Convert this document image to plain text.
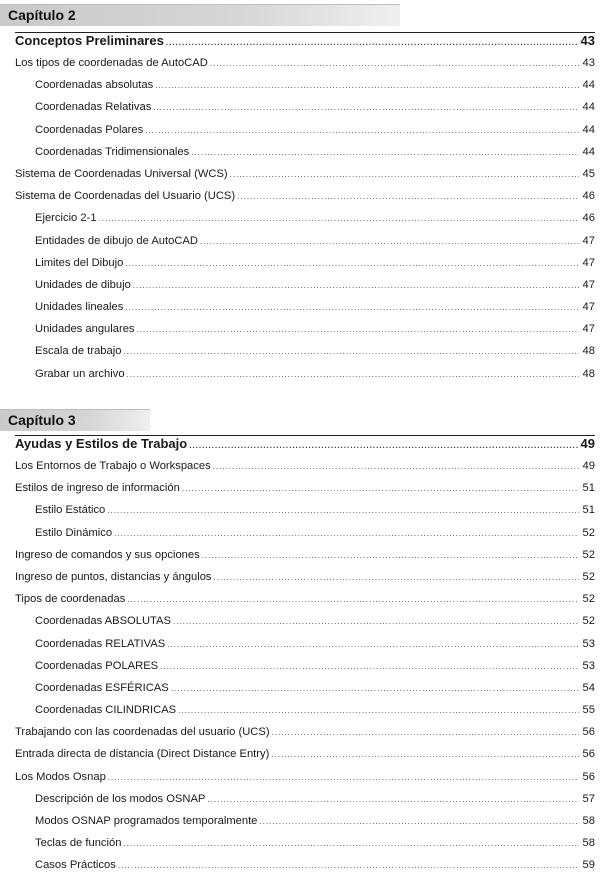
Capítulo 2
Conceptos Preliminares .....	43
Los tipos de coordenadas de AutoCAD .....	43
Coordenadas absolutas .....	44
Coordenadas Relativas .....	44
Coordenadas Polares .....	44
Coordenadas Tridimensionales .....	44
Sistema de Coordenadas Universal (WCS) .....	45
Sistema de Coordenadas del Usuario (UCS) .....	46
Ejercicio 2-1 .....	46
Entidades de dibujo de AutoCAD .....	47
Limites del Dibujo .....	47
Unidades de dibujo .....	47
Unidades lineales .....	47
Unidades angulares .....	47
Escala de trabajo .....	48
Grabar un archivo .....	48
Capítulo 3
Ayudas y Estilos de Trabajo .....	49
Los Entornos de Trabajo o Workspaces .....	49
Estilos de ingreso de información .....	51
Estilo Estático .....	51
Estilo Dinámico .....	52
Ingreso de comandos y sus opciones .....	52
Ingreso de puntos, distancias y ángulos .....	52
Tipos de coordenadas .....	52
Coordenadas ABSOLUTAS .....	52
Coordenadas RELATIVAS .....	53
Coordenadas POLARES .....	53
Coordenadas ESFÉRICAS .....	54
Coordenadas CILINDRICAS .....	55
Trabajando con las coordenadas del usuario (UCS) .....	56
Entrada directa de distancia (Direct Distance Entry) .....	56
Los Modos Osnap .....	56
Descripción de los modos OSNAP .....	57
Modos OSNAP programados temporalmente .....	58
Teclas de función .....	58
Casos Prácticos .....	59
